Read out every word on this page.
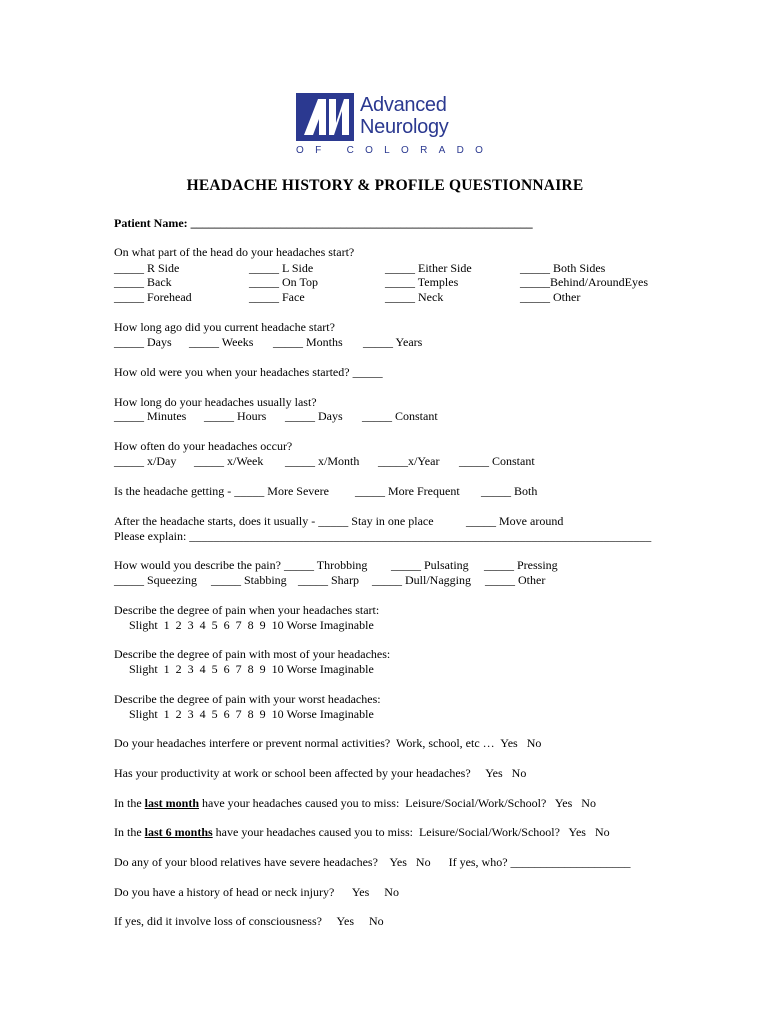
Advanced
Neurology
OF COLORADO
HEADACHE HISTORY & PROFILE QUESTIONNAIRE
Patient Name: _________________________________________________________
On what part of the head do your headaches start?
_____ R Side
_____ Back
_____ Forehead
_____ L Side
_____ On Top
_____ Face
_____ Either Side
_____ Temples
_____ Neck
_____ Both Sides
_____Behind/AroundEyes
_____ Other
How long ago did you current headache start?
_____ Days _____ Weeks _____ Months _____ Years
How old were you when your headaches started? _____
How long do your headaches usually last?
_____ Minutes _____ Hours _____ Days _____ Constant
How often do your headaches occur?
_____ x/Day _____ x/Week _____ x/Month _____x/Year _____ Constant
Is the headache getting - _____ More Severe _____ More Frequent _____ Both
After the headache starts, does it usually - _____ Stay in one place	_____ Move around
Please explain: _____________________________________________________________________________
How would you describe the pain? _____ Throbbing _____ Pulsating _____ Pressing
_____ Squeezing _____ Stabbing _____ Sharp _____ Dull/Nagging _____ Other
Describe the degree of pain when your headaches start:
Slight  1  2  3  4  5  6  7  8  9  10 Worse Imaginable
Describe the degree of pain with most of your headaches:
Slight  1  2  3  4  5  6  7  8  9  10 Worse Imaginable
Describe the degree of pain with your worst headaches:
Slight  1  2  3  4  5  6  7  8  9  10 Worse Imaginable
Do your headaches interfere or prevent normal activities?  Work, school, etc …  Yes   No
Has your productivity at work or school been affected by your headaches?     Yes   No
In the last month have your headaches caused you to miss:  Leisure/Social/Work/School?   Yes   No
In the last 6 months have your headaches caused you to miss:  Leisure/Social/Work/School?   Yes   No
Do any of your blood relatives have severe headaches?    Yes   No      If yes, who? ____________________
Do you have a history of head or neck injury?      Yes     No
If yes, did it involve loss of consciousness?     Yes     No
